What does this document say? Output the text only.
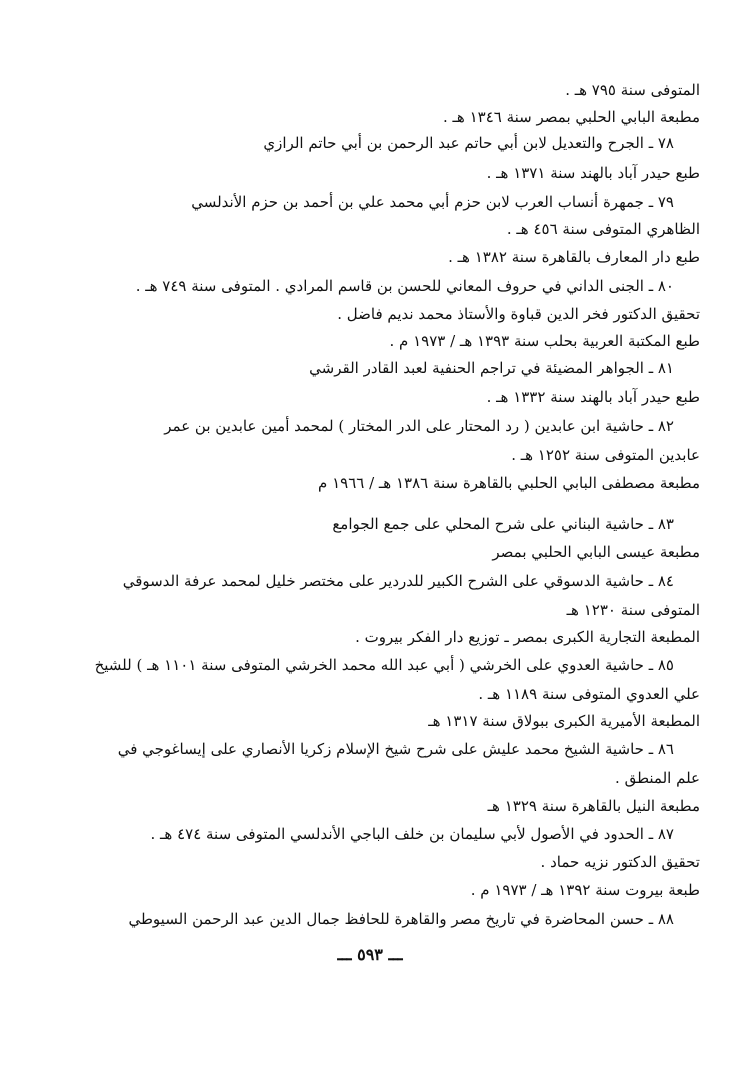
المتوفى سنة ٧٩٥ هـ .
مطبعة البابي الحلبي بمصر سنة ١٣٤٦ هـ .
٧٨ ـ الجرح والتعديل لابن أبي حاتم عبد الرحمن بن أبي حاتم الرازي
طبع حيدر آباد بالهند سنة ١٣٧١ هـ .
٧٩ ـ جمهرة أنساب العرب لابن حزم أبي محمد علي بن أحمد بن حزم الأندلسي
الظاهري المتوفى سنة ٤٥٦ هـ .
طبع دار المعارف بالقاهرة سنة ١٣٨٢ هـ .
٨٠ ـ الجنى الداني في حروف المعاني للحسن بن قاسم المرادي . المتوفى سنة ٧٤٩ هـ .
تحقيق الدكتور فخر الدين قباوة والأستاذ محمد نديم فاضل .
طبع المكتبة العربية بحلب سنة ١٣٩٣ هـ / ١٩٧٣ م .
٨١ ـ الجواهر المضيئة في تراجم الحنفية لعبد القادر القرشي
طبع حيدر آباد بالهند سنة ١٣٣٢ هـ .
٨٢ ـ حاشية ابن عابدين ( رد المحتار على الدر المختار ) لمحمد أمين عابدين بن عمر
عابدين المتوفى سنة ١٢٥٢ هـ .
مطبعة مصطفى البابي الحلبي بالقاهرة سنة ١٣٨٦ هـ / ١٩٦٦ م
٨٣ ـ حاشية البناني على شرح المحلي على جمع الجوامع
مطبعة عيسى البابي الحلبي بمصر
٨٤ ـ حاشية الدسوقي على الشرح الكبير للدردير على مختصر خليل لمحمد عرفة الدسوقي
المتوفى سنة ١٢٣٠ هـ
المطبعة التجارية الكبرى بمصر ـ توزيع دار الفكر بيروت .
٨٥ ـ حاشية العدوي على الخرشي ( أبي عبد الله محمد الخرشي المتوفى سنة ١١٠١ هـ ) للشيخ
علي العدوي المتوفى سنة ١١٨٩ هـ .
المطبعة الأميرية الكبرى ببولاق سنة ١٣١٧ هـ
٨٦ ـ حاشية الشيخ محمد عليش على شرح شيخ الإسلام زكريا الأنصاري على إيساغوجي في
علم المنطق .
مطبعة النيل بالقاهرة سنة ١٣٢٩ هـ
٨٧ ـ الحدود في الأصول لأبي سليمان بن خلف الباجي الأندلسي المتوفى سنة ٤٧٤ هـ .
تحقيق الدكتور نزيه حماد .
طبعة بيروت سنة ١٣٩٢ هـ / ١٩٧٣ م .
٨٨ ـ حسن المحاضرة في تاريخ مصر والقاهرة للحافظ جمال الدين عبد الرحمن السيوطي
ـــ ٥٩٣ ـــ
